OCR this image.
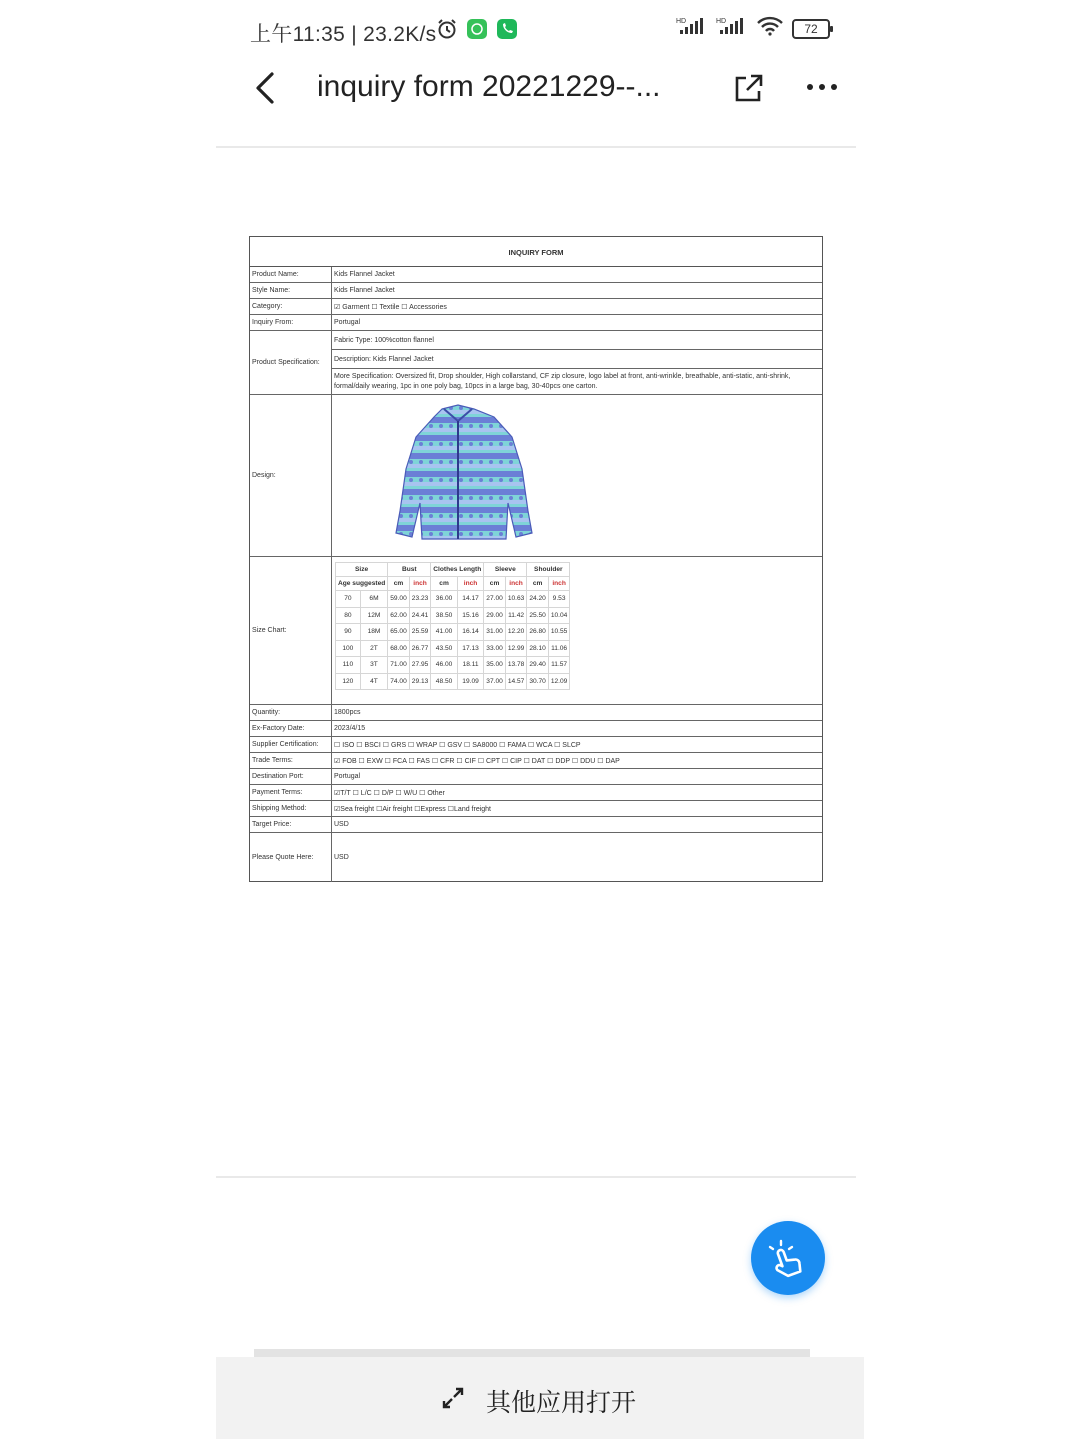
上午11:35 | 23.2K/s
HD	HD
72
inquiry form 20221229--...
INQUIRY FORM
Product Name:	Kids Flannel Jacket
Style Name:	Kids Flannel Jacket
Category:	☑ Garment ☐ Textile ☐ Accessories
Inquiry From:	Portugal
Product Specification:
Fabric Type: 100%cotton flannel
Description: Kids Flannel Jacket
More Specification: Oversized fit, Drop shoulder, High collarstand, CF zip closure, logo label at front, anti-wrinkle, breathable, anti-static, anti-shrink, formal/daily wearing, 1pc in one poly bag, 10pcs in a large bag, 30-40pcs one carton.
Design:
Size Chart:
Size		Bust		Clothes Length		Sleeve		Shoulder	
Age suggested		cm	inch	cm	inch	cm	inch	cm	inch
70	6M	59.00	23.23	36.00	14.17	27.00	10.63	24.20	9.53
80	12M	62.00	24.41	38.50	15.16	29.00	11.42	25.50	10.04
90	18M	65.00	25.59	41.00	16.14	31.00	12.20	26.80	10.55
100	2T	68.00	26.77	43.50	17.13	33.00	12.99	28.10	11.06
110	3T	71.00	27.95	46.00	18.11	35.00	13.78	29.40	11.57
120	4T	74.00	29.13	48.50	19.09	37.00	14.57	30.70	12.09
Quantity:	1800pcs
Ex-Factory Date:	2023/4/15
Supplier Certification:	☐ ISO ☐ BSCI ☐ GRS ☐ WRAP ☐ GSV ☐ SA8000 ☐ FAMA ☐ WCA ☐ SLCP
Trade Terms:	☑ FOB ☐ EXW ☐ FCA ☐ FAS ☐ CFR ☐ CIF ☐ CPT ☐ CIP ☐ DAT ☐ DDP ☐ DDU ☐ DAP
Destination Port:	Portugal
Payment Terms:	☑T/T ☐ L/C ☐ D/P ☐ W/U ☐ Other
Shipping Method:	☑Sea freight ☐Air freight ☐Express ☐Land freight
Target Price:	USD
Please Quote Here:	USD
其他应用打开
